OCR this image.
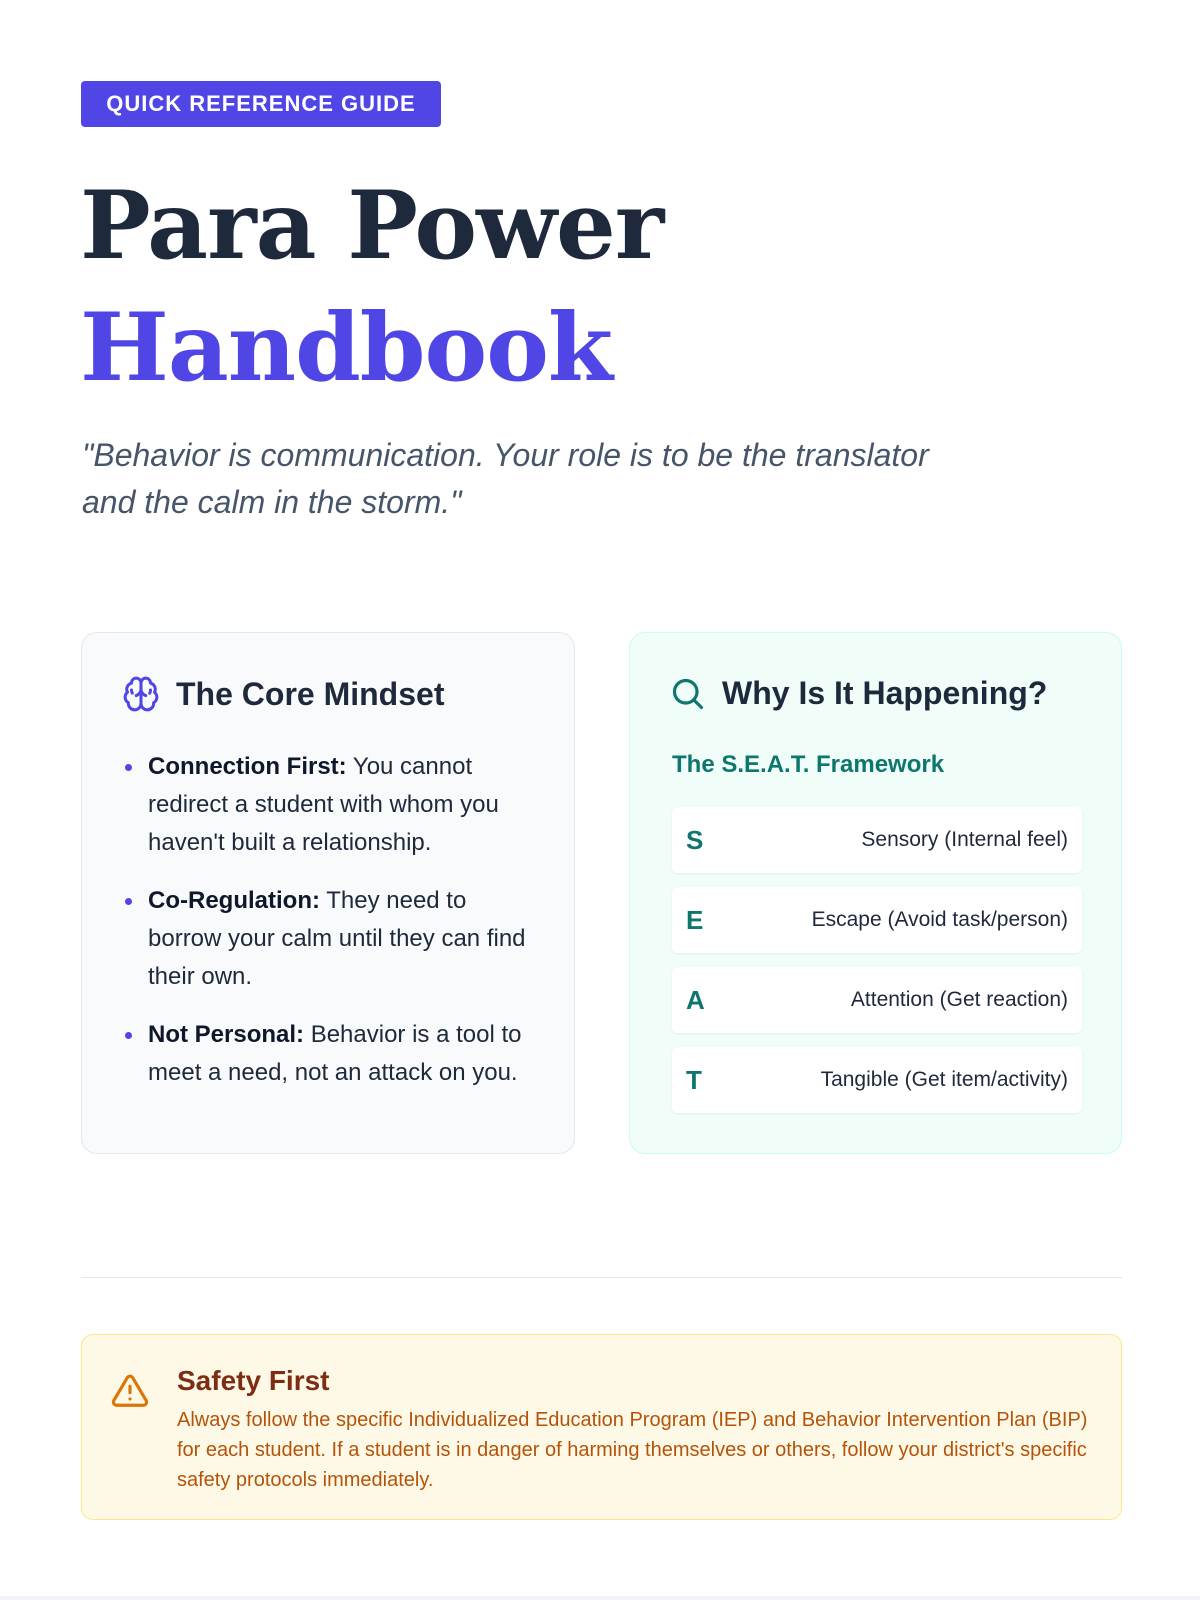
QUICK REFERENCE GUIDE
Para Power
Handbook
"Behavior is communication. Your role is to be the translator
and the calm in the storm."
The Core Mindset
Connection First: You cannot redirect a student with whom you haven't built a relationship.
Co-Regulation: They need to borrow your calm until they can find their own.
Not Personal: Behavior is a tool to meet a need, not an attack on you.
Why Is It Happening?
The S.E.A.T. Framework
S	Sensory (Internal feel)
E	Escape (Avoid task/person)
A	Attention (Get reaction)
T	Tangible (Get item/activity)
Safety First

Always follow the specific Individualized Education Program (IEP) and Behavior Intervention Plan (BIP) for each student. If a student is in danger of harming themselves or others, follow your district's specific safety protocols immediately.
